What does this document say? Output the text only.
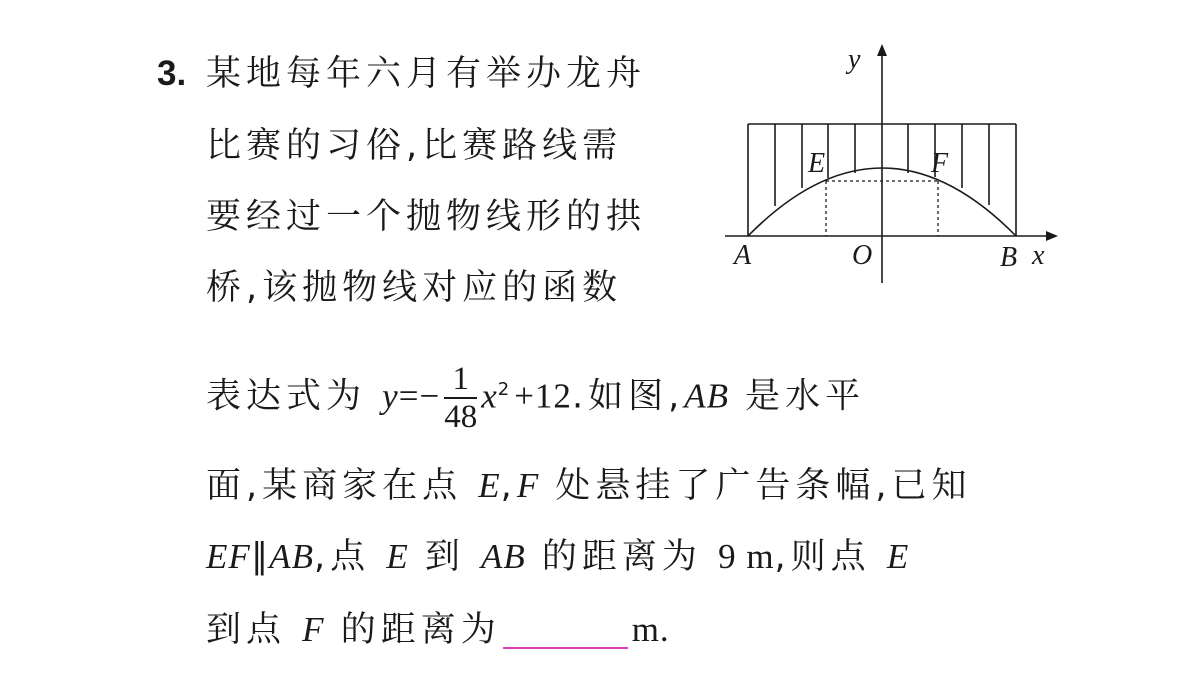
3. 某地每年六月有举办龙舟
比赛的习俗,比赛路线需
要经过一个抛物线形的拱
桥,该抛物线对应的函数
表达式为 $y=- \frac{1}{48} x^2+12$.如图,AB 是水平
面,某商家在点 E,F 处悬挂了广告条幅,已知
EF∥AB,点 E 到 AB 的距离为 9 m,则点 E
到点 F 的距离为	m.
y
x
E	F
A	O	B
